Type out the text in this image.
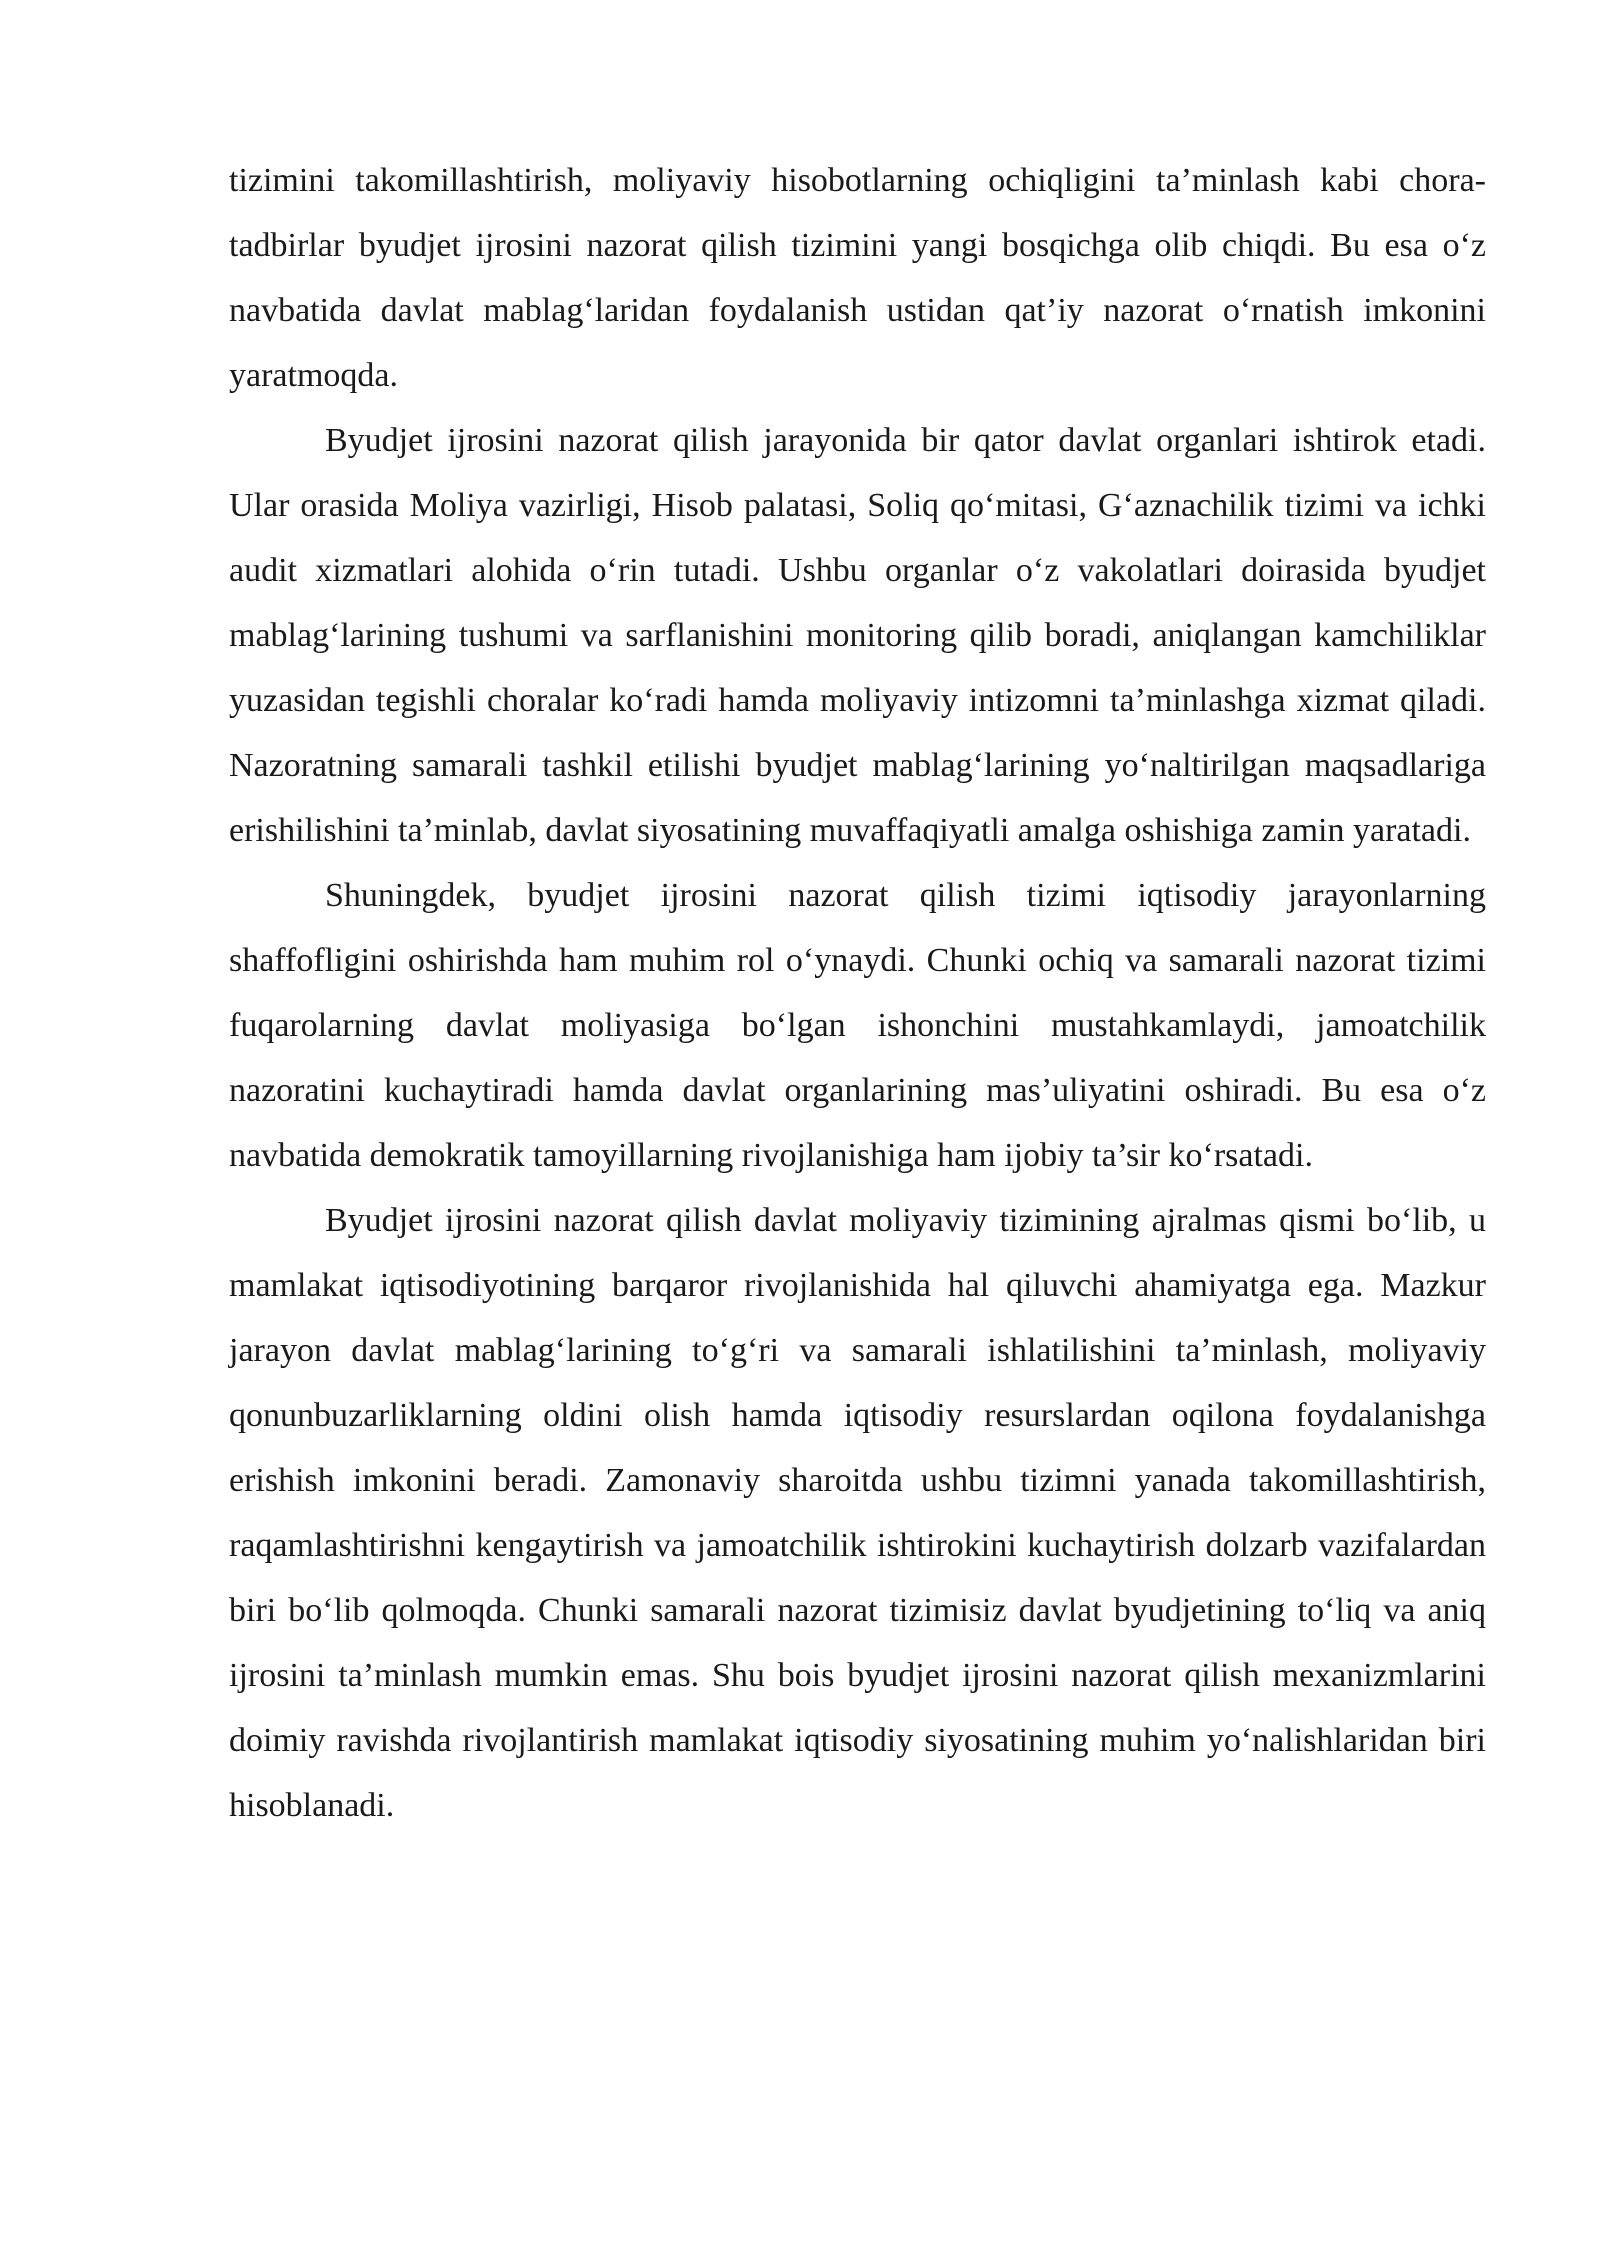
tizimini takomillashtirish, moliyaviy hisobotlarning ochiqligini ta’minlash kabi chora-tadbirlar byudjet ijrosini nazorat qilish tizimini yangi bosqichga olib chiqdi. Bu esa o‘z navbatida davlat mablag‘laridan foydalanish ustidan qat’iy nazorat o‘rnatish imkonini yaratmoqda.

Byudjet ijrosini nazorat qilish jarayonida bir qator davlat organlari ishtirok etadi. Ular orasida Moliya vazirligi, Hisob palatasi, Soliq qo‘mitasi, G‘aznachilik tizimi va ichki audit xizmatlari alohida o‘rin tutadi. Ushbu organlar o‘z vakolatlari doirasida byudjet mablag‘larining tushumi va sarflanishini monitoring qilib boradi, aniqlangan kamchiliklar yuzasidan tegishli choralar ko‘radi hamda moliyaviy intizomni ta’minlashga xizmat qiladi. Nazoratning samarali tashkil etilishi byudjet mablag‘larining yo‘naltirilgan maqsadlariga erishilishini ta’minlab, davlat siyosatining muvaffaqiyatli amalga oshishiga zamin yaratadi.

Shuningdek, byudjet ijrosini nazorat qilish tizimi iqtisodiy jarayonlarning shaffofligini oshirishda ham muhim rol o‘ynaydi. Chunki ochiq va samarali nazorat tizimi fuqarolarning davlat moliyasiga bo‘lgan ishonchini mustahkamlaydi, jamoatchilik nazoratini kuchaytiradi hamda davlat organlarining mas’uliyatini oshiradi. Bu esa o‘z navbatida demokratik tamoyillarning rivojlanishiga ham ijobiy ta’sir ko‘rsatadi.

Byudjet ijrosini nazorat qilish davlat moliyaviy tizimining ajralmas qismi bo‘lib, u mamlakat iqtisodiyotining barqaror rivojlanishida hal qiluvchi ahamiyatga ega. Mazkur jarayon davlat mablag‘larining to‘g‘ri va samarali ishlatilishini ta’minlash, moliyaviy qonunbuzarliklarning oldini olish hamda iqtisodiy resurslardan oqilona foydalanishga erishish imkonini beradi. Zamonaviy sharoitda ushbu tizimni yanada takomillashtirish, raqamlashtirishni kengaytirish va jamoatchilik ishtirokini kuchaytirish dolzarb vazifalardan biri bo‘lib qolmoqda. Chunki samarali nazorat tizimisiz davlat byudjetining to‘liq va aniq ijrosini ta’minlash mumkin emas. Shu bois byudjet ijrosini nazorat qilish mexanizmlarini doimiy ravishda rivojlantirish mamlakat iqtisodiy siyosatining muhim yo‘nalishlaridan biri hisoblanadi.
